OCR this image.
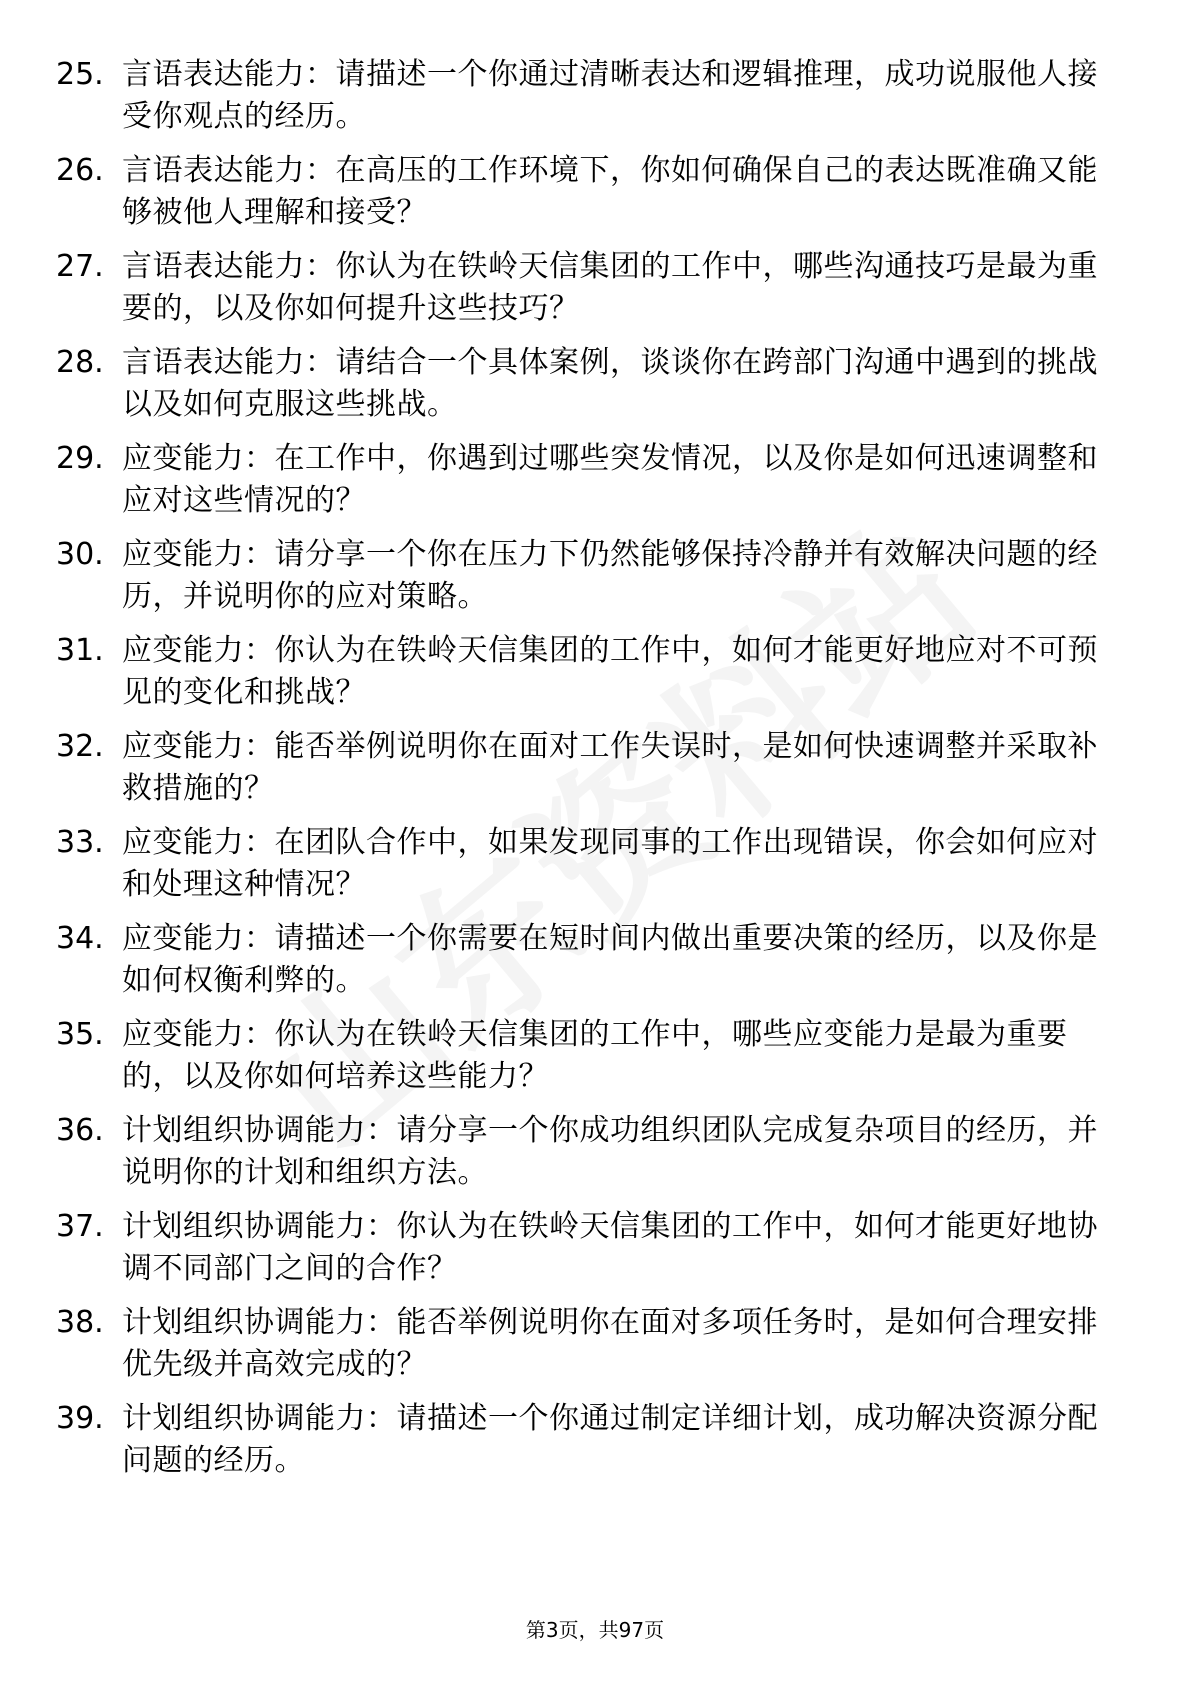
25. 言语表达能力：请描述一个你通过清晰表达和逻辑推理，成功说服他人接受你观点的经历。
26. 言语表达能力：在高压的工作环境下，你如何确保自己的表达既准确又能够被他人理解和接受？
27. 言语表达能力：你认为在铁岭天信集团的工作中，哪些沟通技巧是最为重要的，以及你如何提升这些技巧？
28. 言语表达能力：请结合一个具体案例，谈谈你在跨部门沟通中遇到的挑战以及如何克服这些挑战。
29. 应变能力：在工作中，你遇到过哪些突发情况，以及你是如何迅速调整和应对这些情况的？
30. 应变能力：请分享一个你在压力下仍然能够保持冷静并有效解决问题的经历，并说明你的应对策略。
31. 应变能力：你认为在铁岭天信集团的工作中，如何才能更好地应对不可预见的变化和挑战？
32. 应变能力：能否举例说明你在面对工作失误时，是如何快速调整并采取补救措施的？
33. 应变能力：在团队合作中，如果发现同事的工作出现错误，你会如何应对和处理这种情况？
34. 应变能力：请描述一个你需要在短时间内做出重要决策的经历，以及你是如何权衡利弊的。
35. 应变能力：你认为在铁岭天信集团的工作中，哪些应变能力是最为重要的，以及你如何培养这些能力？
36. 计划组织协调能力：请分享一个你成功组织团队完成复杂项目的经历，并说明你的计划和组织方法。
37. 计划组织协调能力：你认为在铁岭天信集团的工作中，如何才能更好地协调不同部门之间的合作？
38. 计划组织协调能力：能否举例说明你在面对多项任务时，是如何合理安排优先级并高效完成的？
39. 计划组织协调能力：请描述一个你通过制定详细计划，成功解决资源分配问题的经历。
第3页，共97页
